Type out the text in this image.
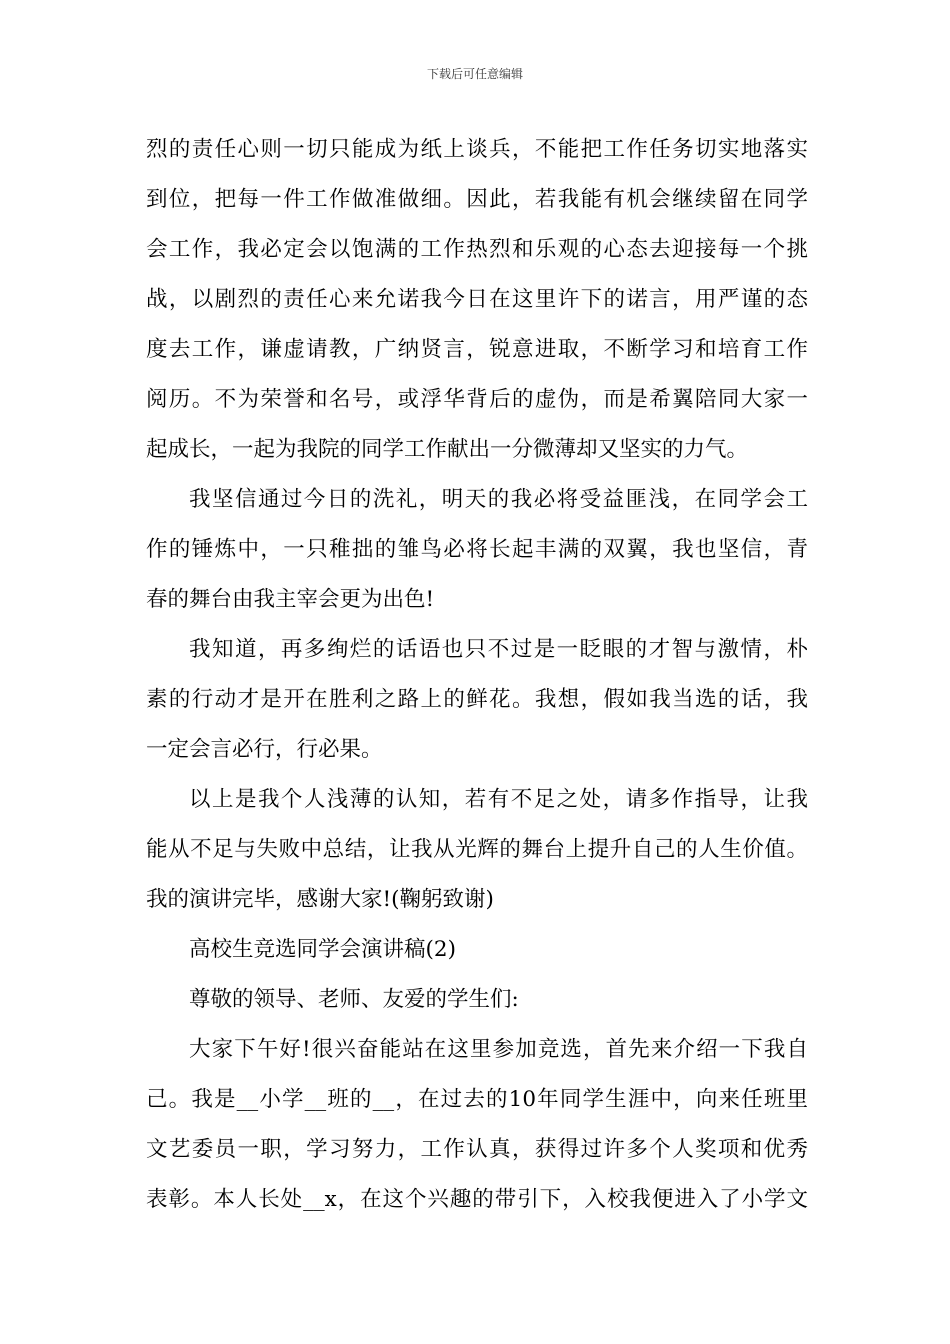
下载后可任意编辑
烈的责任心则一切只能成为纸上谈兵，不能把工作任务切实地落实
到位，把每一件工作做准做细。因此，若我能有机会继续留在同学
会工作，我必定会以饱满的工作热烈和乐观的心态去迎接每一个挑
战，以剧烈的责任心来允诺我今日在这里许下的诺言，用严谨的态
度去工作，谦虚请教，广纳贤言，锐意进取，不断学习和培育工作
阅历。不为荣誉和名号，或浮华背后的虚伪，而是希翼陪同大家一
起成长，一起为我院的同学工作献出一分微薄却又坚实的力气。
我坚信通过今日的洗礼，明天的我必将受益匪浅，在同学会工
作的锤炼中，一只稚拙的雏鸟必将长起丰满的双翼，我也坚信，青
春的舞台由我主宰会更为出色!
我知道，再多绚烂的话语也只不过是一眨眼的才智与激情，朴
素的行动才是开在胜利之路上的鲜花。我想，假如我当选的话，我
一定会言必行，行必果。
以上是我个人浅薄的认知，若有不足之处，请多作指导，让我
能从不足与失败中总结，让我从光辉的舞台上提升自己的人生价值。
我的演讲完毕，感谢大家!(鞠躬致谢)
高校生竞选同学会演讲稿(2)
尊敬的领导、老师、友爱的学生们:
大家下午好!很兴奋能站在这里参加竞选，首先来介绍一下我自
己。我是__小学__班的__，在过去的10年同学生涯中，向来任班里
文艺委员一职，学习努力，工作认真，获得过许多个人奖项和优秀
表彰。本人长处__x，在这个兴趣的带引下，入校我便进入了小学文
